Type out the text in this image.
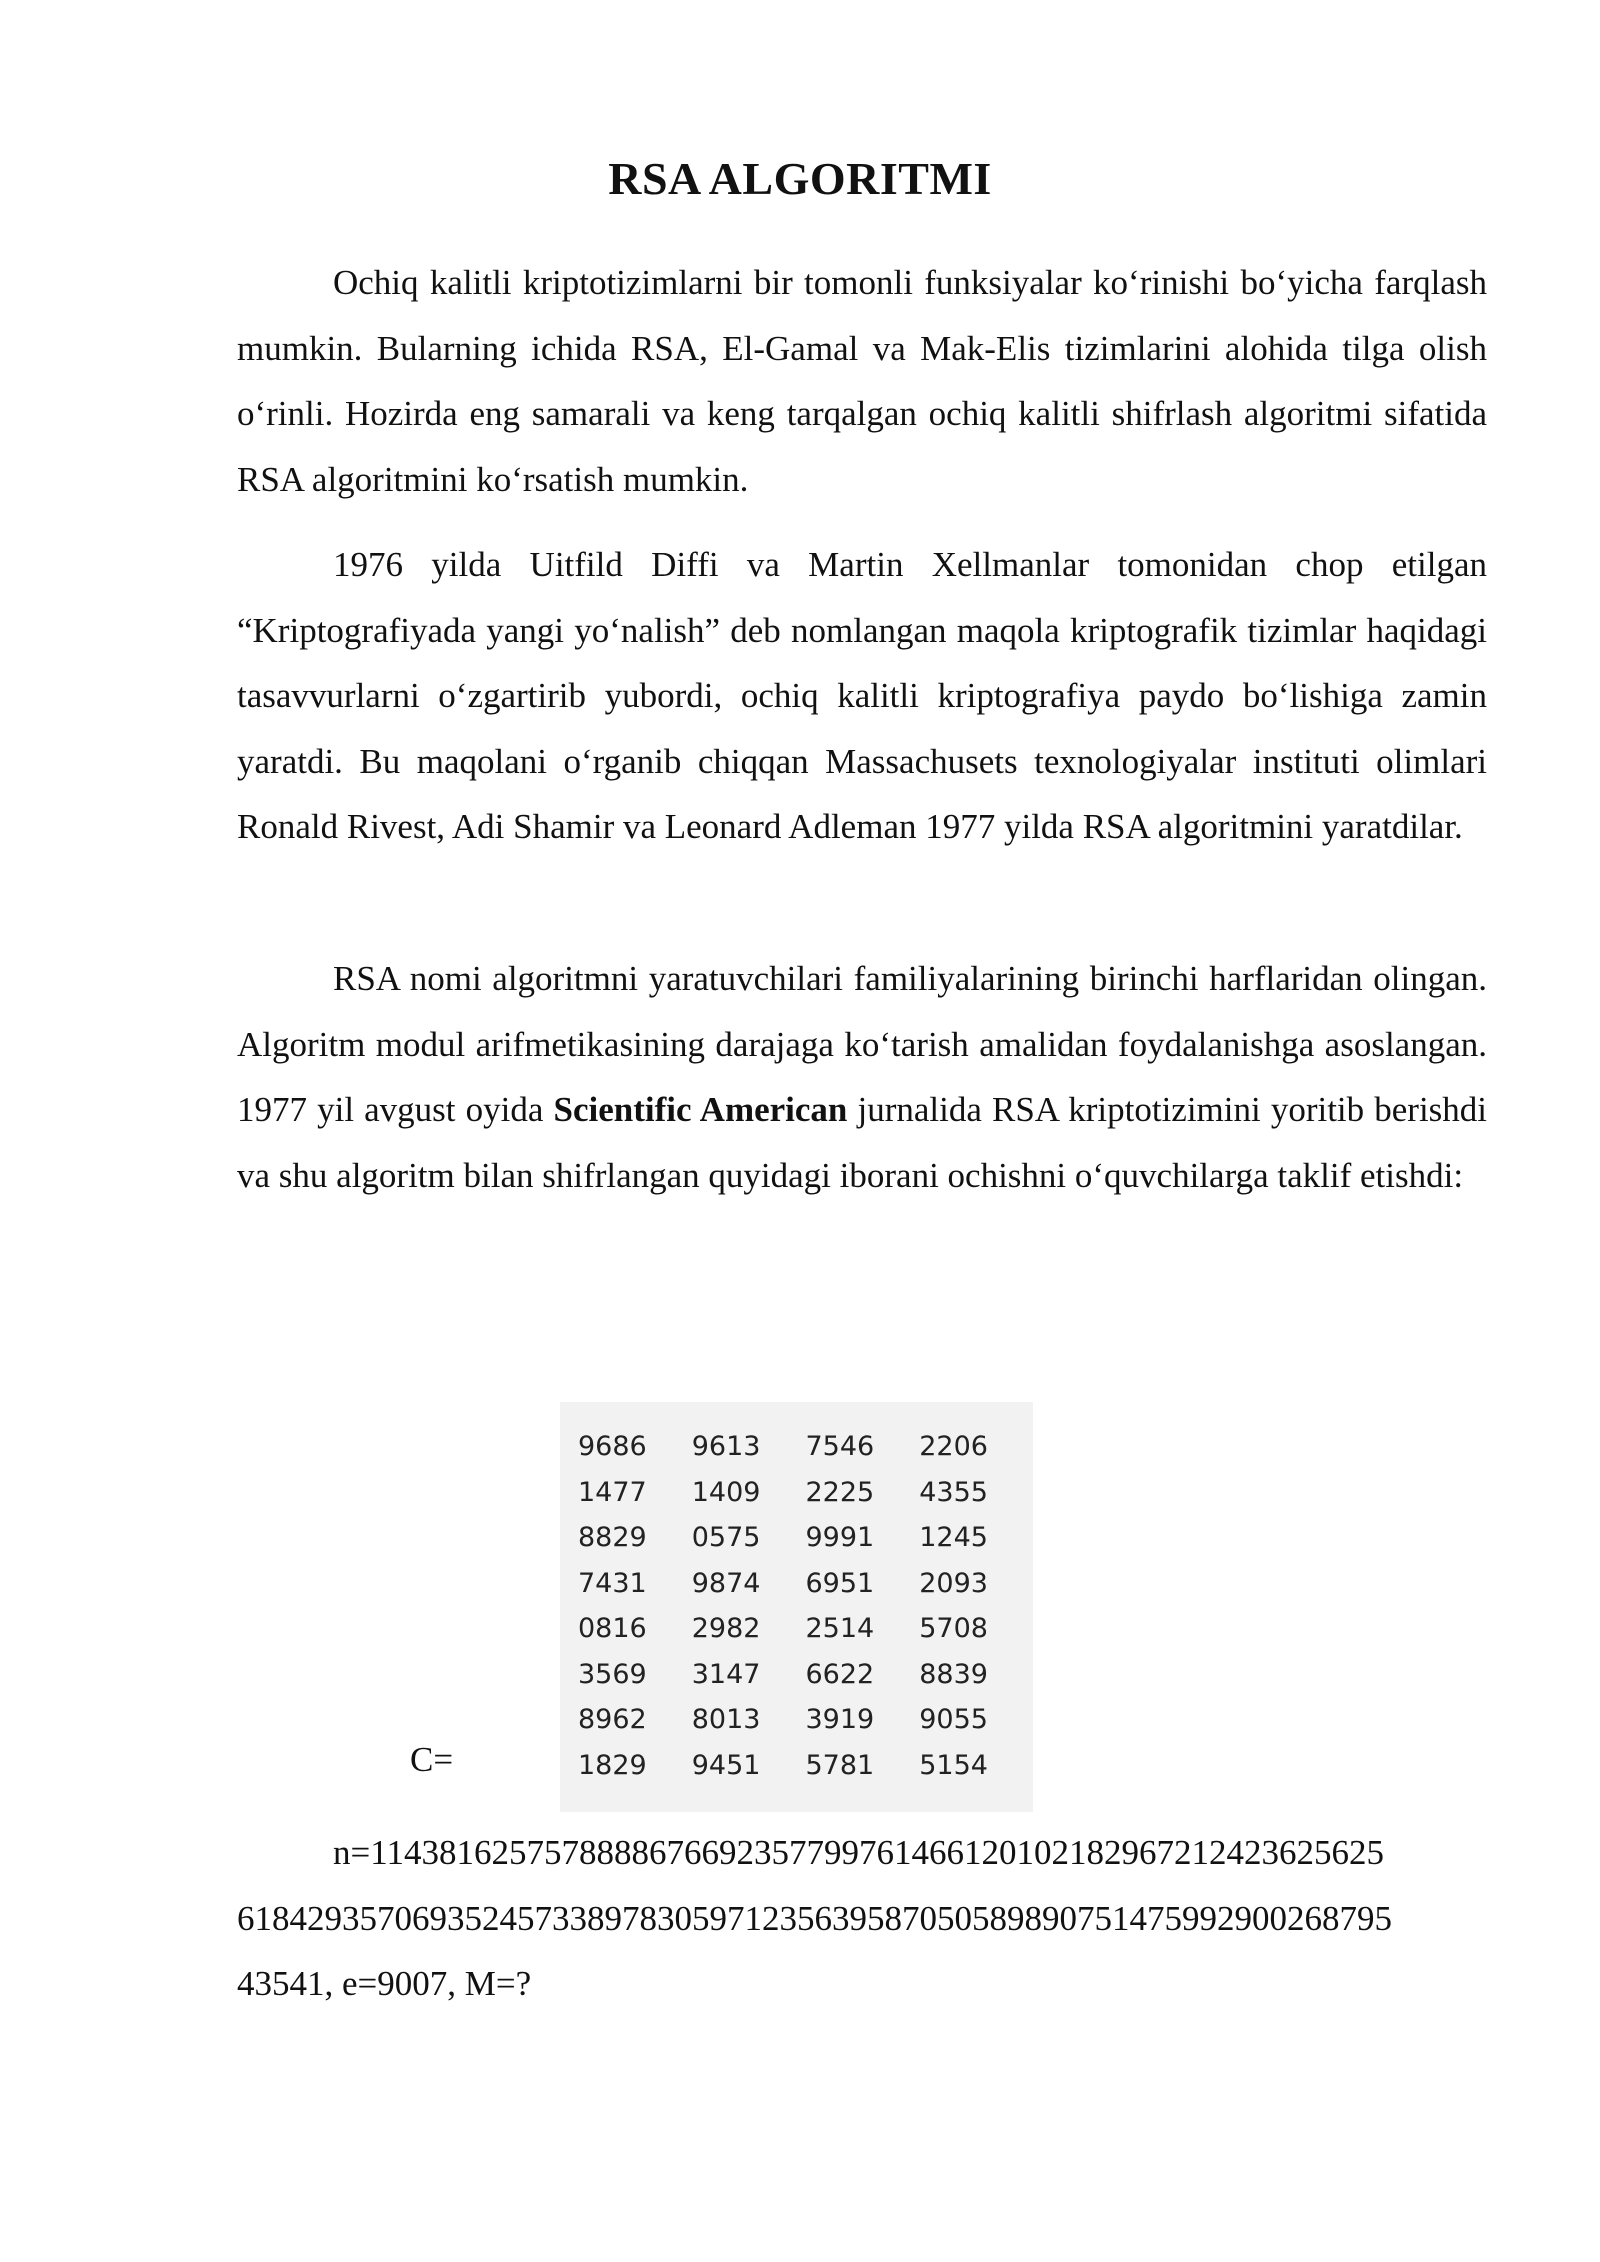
RSA ALGORITMI

Ochiq kalitli kriptotizimlarni bir tomonli funksiyalar ko‘rinishi bo‘yicha farqlash mumkin. Bularning ichida RSA, El-Gamal va Mak-Elis tizimlarini alohida tilga olish o‘rinli. Hozirda eng samarali va keng tarqalgan ochiq kalitli shifrlash algoritmi sifatida RSA algoritmini ko‘rsatish mumkin.

1976 yilda Uitfild Diffi va Martin Xellmanlar tomonidan chop etilgan “Kriptografiyada yangi yo‘nalish” deb nomlangan maqola kriptografik tizimlar haqidagi tasavvurlarni o‘zgartirib yubordi, ochiq kalitli kriptografiya paydo bo‘lishiga zamin yaratdi. Bu maqolani o‘rganib chiqqan Massachusets texnologiyalar instituti olimlari Ronald Rivest, Adi Shamir va Leonard Adleman 1977 yilda RSA algoritmini yaratdilar.

RSA nomi algoritmni yaratuvchilari familiyalarining birinchi harflaridan olingan. Algoritm modul arifmetikasining darajaga ko‘tarish amalidan foydalanishga asoslangan. 1977 yil avgust oyida Scientific American jurnalida RSA kriptotizimini yoritib berishdi va shu algoritm bilan shifrlangan quyidagi iborani ochishni o‘quvchilarga taklif etishdi:

C=

9686	9613	7546	2206
1477	1409	2225	4355
8829	0575	9991	1245
7431	9874	6951	2093
0816	2982	2514	5708
3569	3147	6622	8839
8962	8013	3919	9055
1829	9451	5781	5154

n=1143816257578888676692357799761466120102182967212423625625
618429357069352457338978305971235639587050589890751475992900268795
43541, e=9007, M=?
